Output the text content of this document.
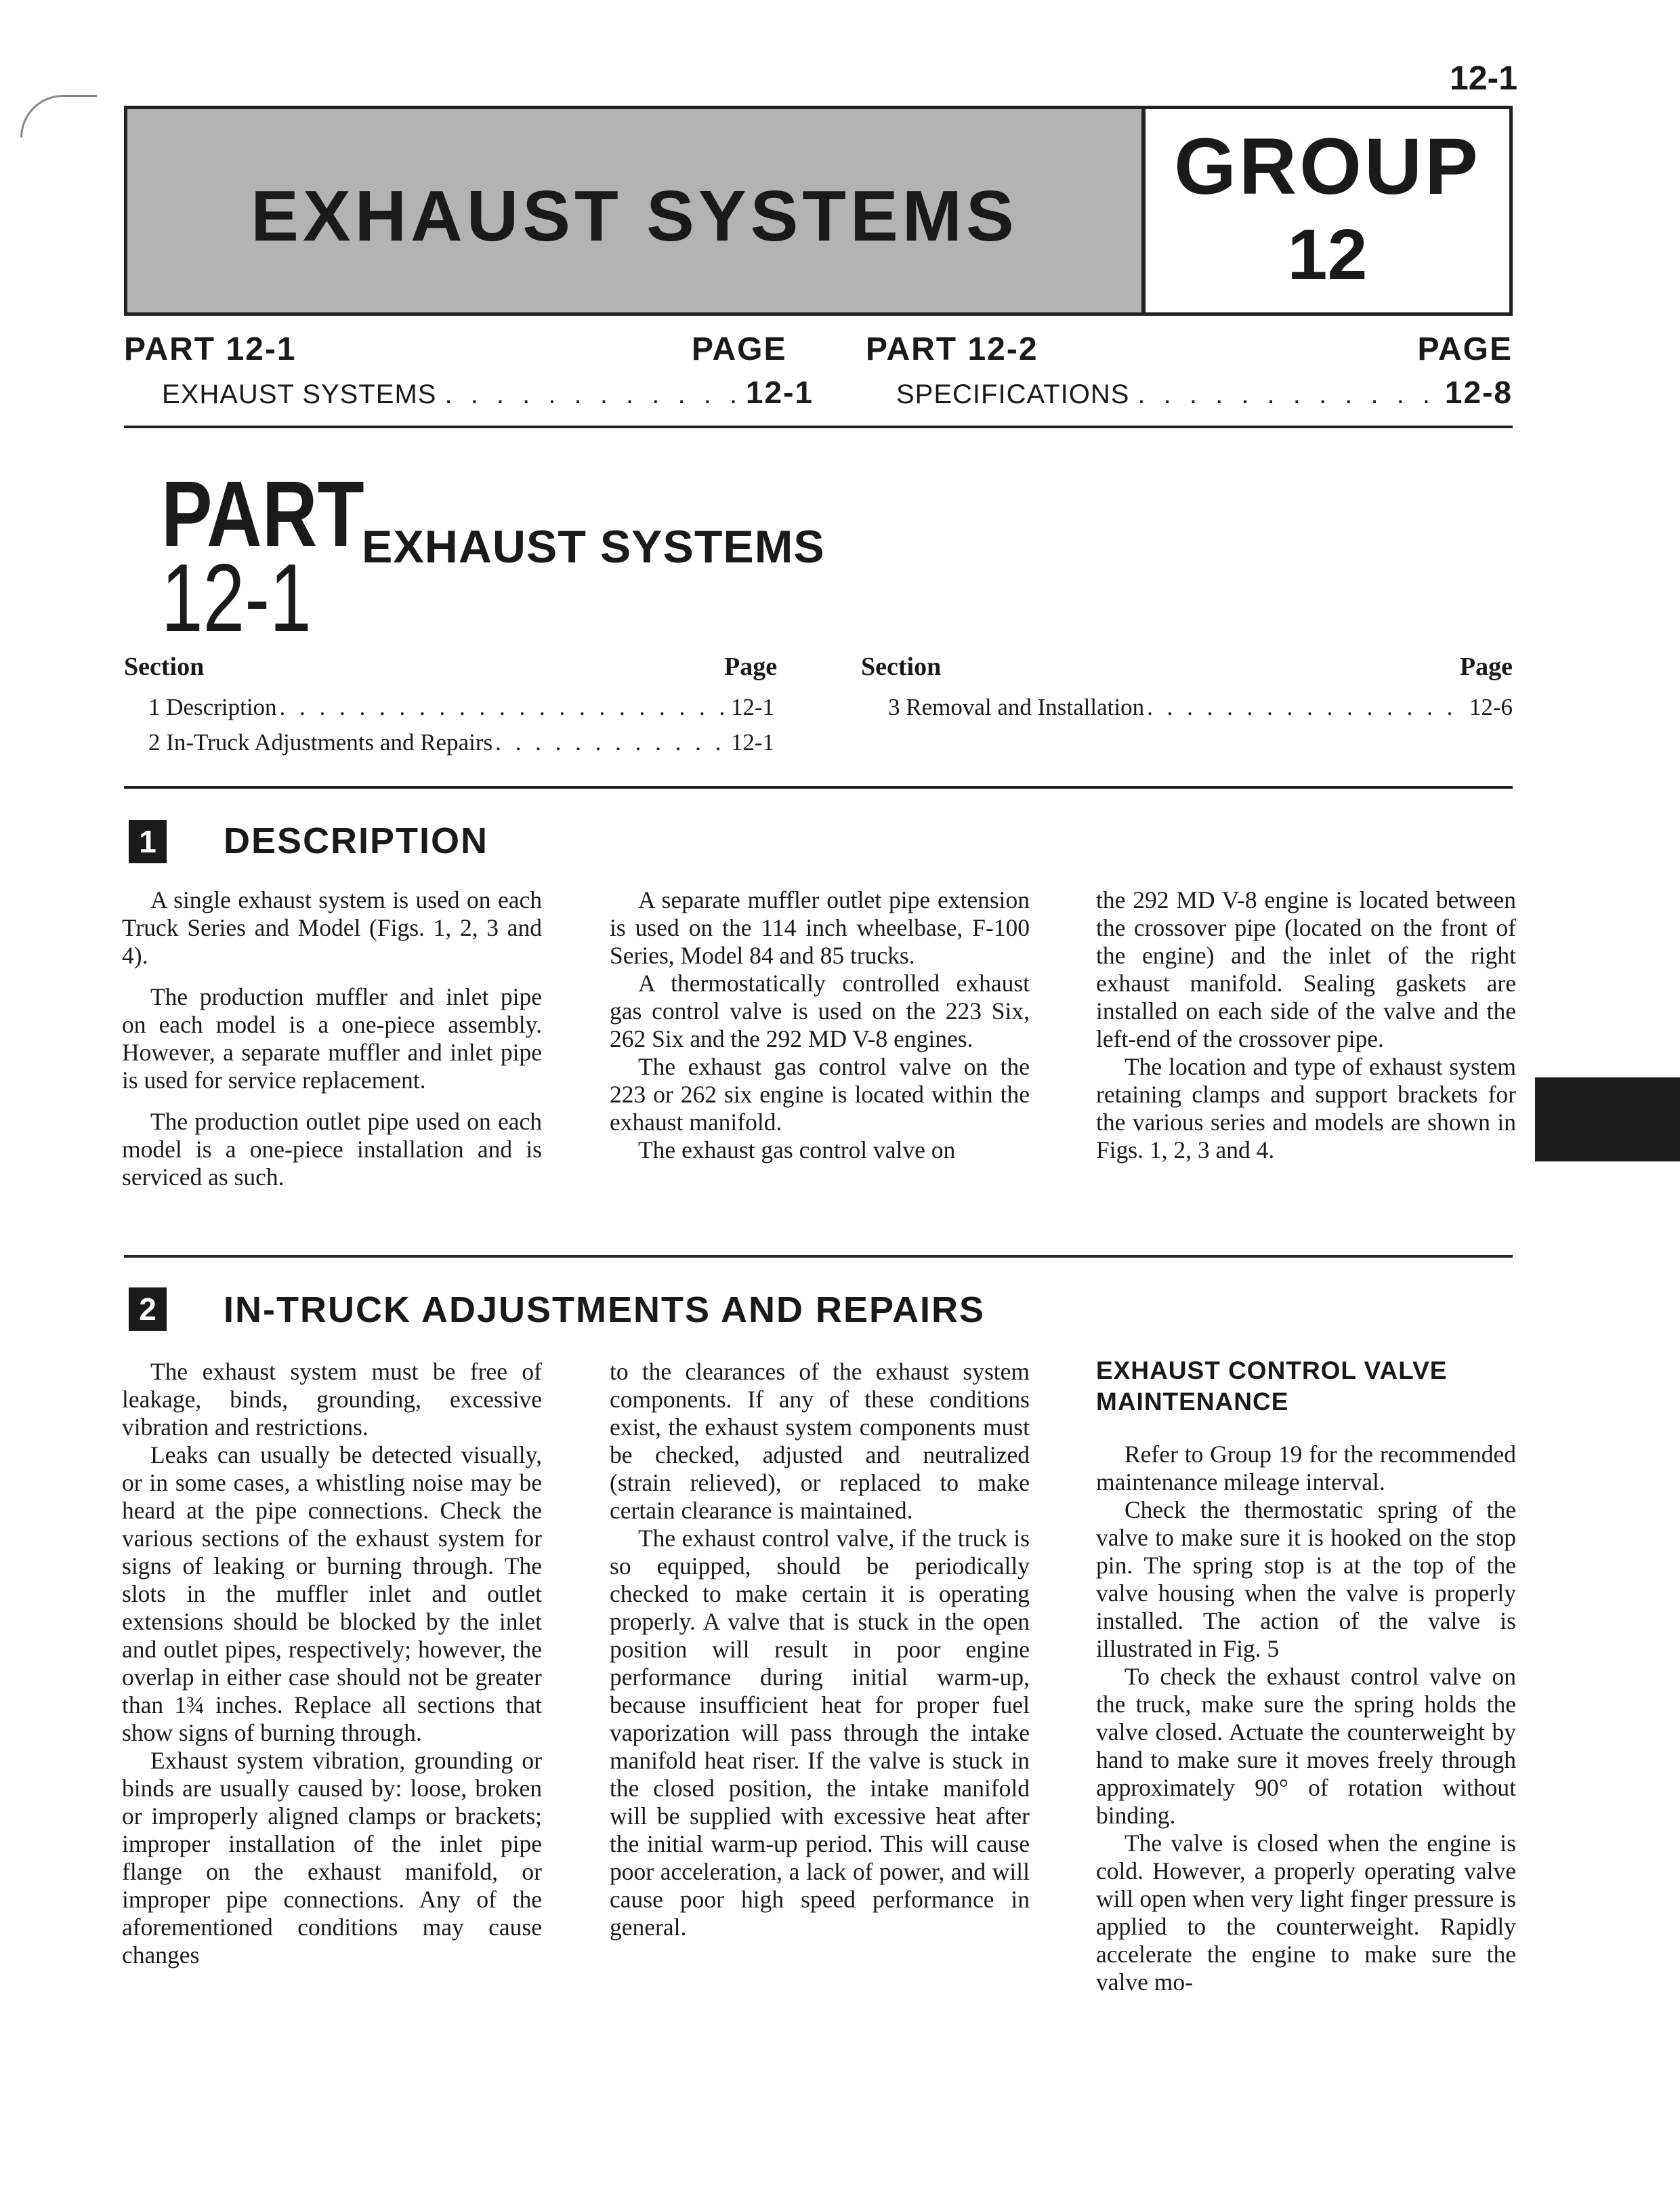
12-1
EXHAUST SYSTEMS
GROUP
12
PART 12-1	PAGE
EXHAUST SYSTEMS . . .	12-1
PART 12-2	PAGE
SPECIFICATIONS . . .	12-8
PART
12-1 EXHAUST SYSTEMS
Section	Page
1 Description . . .	12-1
2 In-Truck Adjustments and Repairs . . .	12-1
Section	Page
3 Removal and Installation . . .	12-6
1 DESCRIPTION

A single exhaust system is used on each Truck Series and Model (Figs. 1, 2, 3 and 4).

The production muffler and inlet pipe on each model is a one-piece assembly. However, a separate muffler and inlet pipe is used for service replacement.

The production outlet pipe used on each model is a one-piece installation and is serviced as such.

A separate muffler outlet pipe extension is used on the 114 inch wheelbase, F-100 Series, Model 84 and 85 trucks.

A thermostatically controlled exhaust gas control valve is used on the 223 Six, 262 Six and the 292 MD V-8 engines.

The exhaust gas control valve on the 223 or 262 six engine is located within the exhaust manifold.

The exhaust gas control valve on

the 292 MD V-8 engine is located between the crossover pipe (located on the front of the engine) and the inlet of the right exhaust manifold. Sealing gaskets are installed on each side of the valve and the left-end of the crossover pipe.

The location and type of exhaust system retaining clamps and support brackets for the various series and models are shown in Figs. 1, 2, 3 and 4.

2 IN-TRUCK ADJUSTMENTS AND REPAIRS

The exhaust system must be free of leakage, binds, grounding, excessive vibration and restrictions.

Leaks can usually be detected visually, or in some cases, a whistling noise may be heard at the pipe connections. Check the various sections of the exhaust system for signs of leaking or burning through. The slots in the muffler inlet and outlet extensions should be blocked by the inlet and outlet pipes, respectively; however, the overlap in either case should not be greater than 1¾ inches. Replace all sections that show signs of burning through.

Exhaust system vibration, grounding or binds are usually caused by: loose, broken or improperly aligned clamps or brackets; improper installation of the inlet pipe flange on the exhaust manifold, or improper pipe connections. Any of the aforementioned conditions may cause changes

to the clearances of the exhaust system components. If any of these conditions exist, the exhaust system components must be checked, adjusted and neutralized (strain relieved), or replaced to make certain clearance is maintained.

The exhaust control valve, if the truck is so equipped, should be periodically checked to make certain it is operating properly. A valve that is stuck in the open position will result in poor engine performance during initial warm-up, because insufficient heat for proper fuel vaporization will pass through the intake manifold heat riser. If the valve is stuck in the closed position, the intake manifold will be supplied with excessive heat after the initial warm-up period. This will cause poor acceleration, a lack of power, and will cause poor high speed performance in general.

EXHAUST CONTROL VALVE MAINTENANCE

Refer to Group 19 for the recommended maintenance mileage interval.

Check the thermostatic spring of the valve to make sure it is hooked on the stop pin. The spring stop is at the top of the valve housing when the valve is properly installed. The action of the valve is illustrated in Fig. 5

To check the exhaust control valve on the truck, make sure the spring holds the valve closed. Actuate the counterweight by hand to make sure it moves freely through approximately 90° of rotation without binding.

The valve is closed when the engine is cold. However, a properly operating valve will open when very light finger pressure is applied to the counterweight. Rapidly accelerate the engine to make sure the valve mo-
